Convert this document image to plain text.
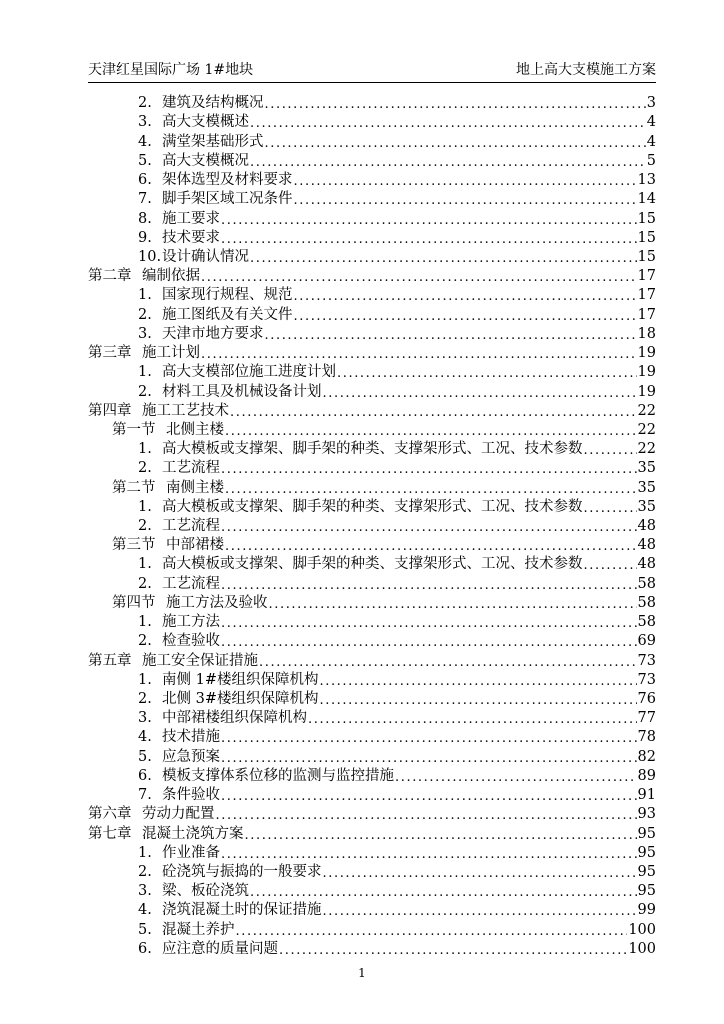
天津红星国际广场 1#地块	地上高大支模施工方案
2. 建筑及结构概况 .....	3
3. 高大支模概述 .....	4
4. 满堂架基础形式 .....	4
5. 高大支模概况 .....	5
6. 架体选型及材料要求 .....	13
7. 脚手架区域工况条件 .....	14
8. 施工要求 .....	15
9. 技术要求 .....	15
10. 设计确认情况 .....	15
第二章 编制依据 .....	17
1. 国家现行规程、规范 .....	17
2. 施工图纸及有关文件 .....	17
3. 天津市地方要求 .....	18
第三章 施工计划 .....	19
1. 高大支模部位施工进度计划 .....	19
2. 材料工具及机械设备计划 .....	19
第四章 施工工艺技术 .....	22
第一节 北侧主楼 .....	22
1. 高大模板或支撑架、脚手架的种类、支撑架形式、工况、技术参数 .....	22
2. 工艺流程 .....	35
第二节 南侧主楼 .....	35
1. 高大模板或支撑架、脚手架的种类、支撑架形式、工况、技术参数 .....	35
2. 工艺流程 .....	48
第三节 中部裙楼 .....	48
1. 高大模板或支撑架、脚手架的种类、支撑架形式、工况、技术参数 .....	48
2. 工艺流程 .....	58
第四节 施工方法及验收 .....	58
1. 施工方法 .....	58
2. 检查验收 .....	69
第五章 施工安全保证措施 .....	73
1. 南侧 1#楼组织保障机构 .....	73
2. 北侧 3#楼组织保障机构 .....	76
3. 中部裙楼组织保障机构 .....	77
4. 技术措施 .....	78
5. 应急预案 .....	82
6. 模板支撑体系位移的监测与监控措施 .....	89
7. 条件验收 .....	91
第六章 劳动力配置 .....	93
第七章 混凝土浇筑方案 .....	95
1. 作业准备 .....	95
2. 砼浇筑与振捣的一般要求 .....	95
3. 梁、板砼浇筑 .....	95
4. 浇筑混凝土时的保证措施 .....	99
5. 混凝土养护 .....	100
6. 应注意的质量问题 .....	100
1
